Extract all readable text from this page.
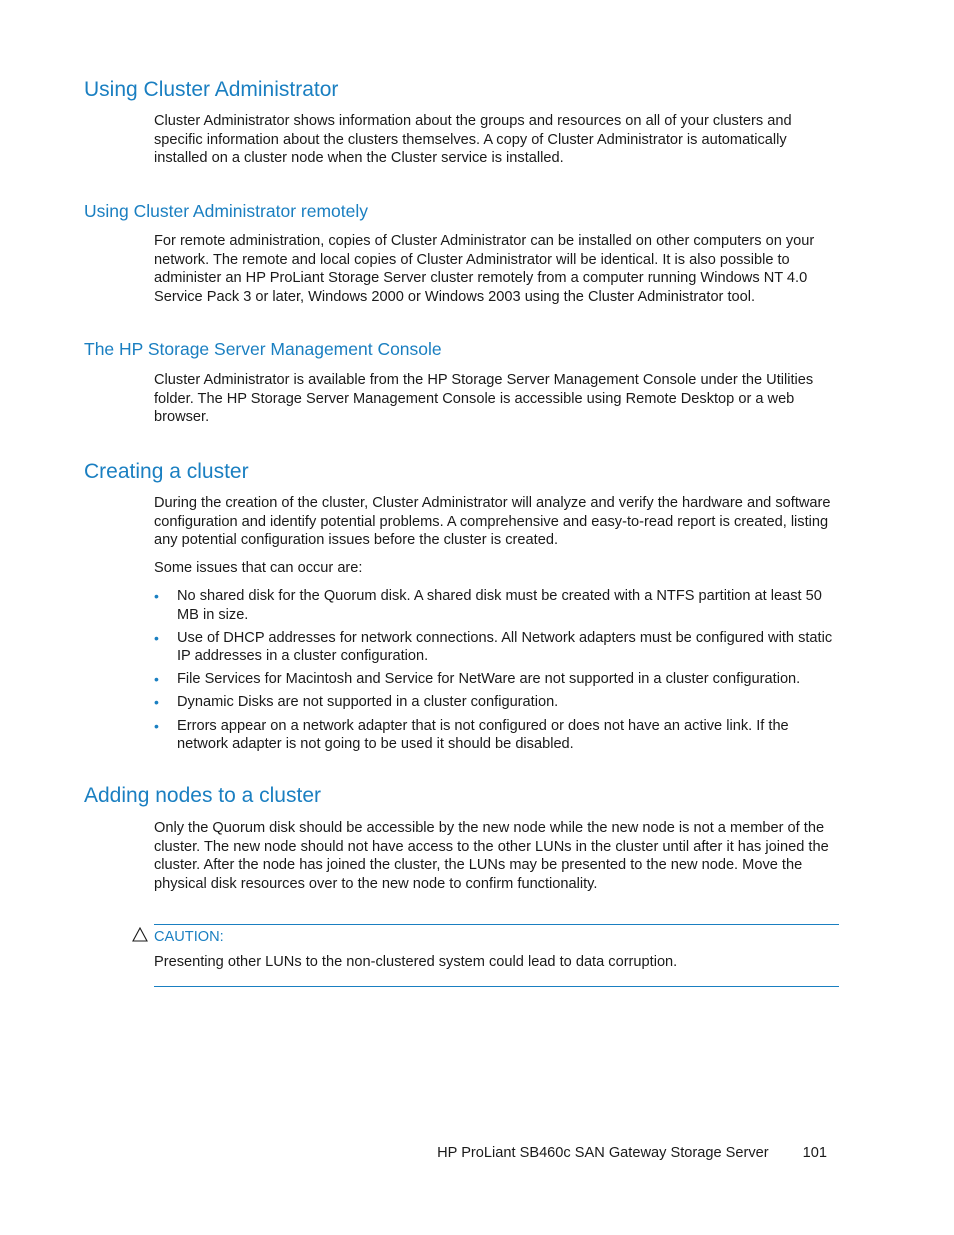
Using Cluster Administrator

Cluster Administrator shows information about the groups and resources on all of your clusters and specific information about the clusters themselves. A copy of Cluster Administrator is automatically installed on a cluster node when the Cluster service is installed.

Using Cluster Administrator remotely

For remote administration, copies of Cluster Administrator can be installed on other computers on your network. The remote and local copies of Cluster Administrator will be identical. It is also possible to administer an HP ProLiant Storage Server cluster remotely from a computer running Windows NT 4.0 Service Pack 3 or later, Windows 2000 or Windows 2003 using the Cluster Administrator tool.

The HP Storage Server Management Console

Cluster Administrator is available from the HP Storage Server Management Console under the Utilities folder. The HP Storage Server Management Console is accessible using Remote Desktop or a web browser.

Creating a cluster

During the creation of the cluster, Cluster Administrator will analyze and verify the hardware and software configuration and identify potential problems. A comprehensive and easy-to-read report is created, listing any potential configuration issues before the cluster is created.

Some issues that can occur are:

• No shared disk for the Quorum disk. A shared disk must be created with a NTFS partition at least 50 MB in size.
• Use of DHCP addresses for network connections. All Network adapters must be configured with static IP addresses in a cluster configuration.
• File Services for Macintosh and Service for NetWare are not supported in a cluster configuration.
• Dynamic Disks are not supported in a cluster configuration.
• Errors appear on a network adapter that is not configured or does not have an active link. If the network adapter is not going to be used it should be disabled.
Adding nodes to a cluster

Only the Quorum disk should be accessible by the new node while the new node is not a member of the cluster. The new node should not have access to the other LUNs in the cluster until after it has joined the cluster. After the node has joined the cluster, the LUNs may be presented to the new node. Move the physical disk resources over to the new node to confirm functionality.

CAUTION:
Presenting other LUNs to the non-clustered system could lead to data corruption.
HP ProLiant SB460c SAN Gateway Storage Server 101
